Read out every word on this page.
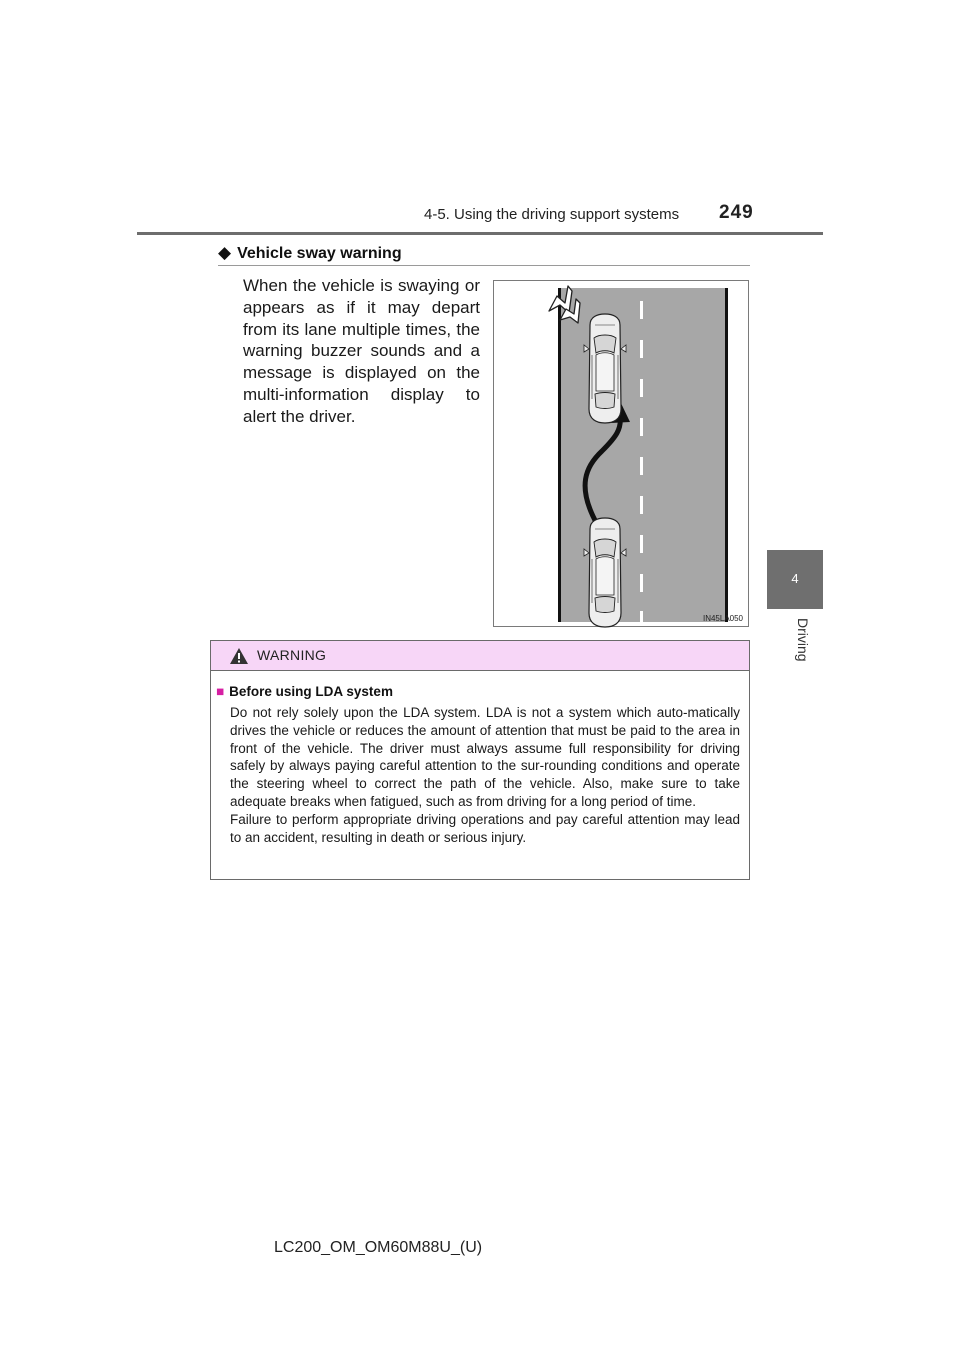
4-5. Using the driving support systems 249
4
Driving
◆ Vehicle sway warning
When the vehicle is swaying or appears as if it may depart from its lane multiple times, the warning buzzer sounds and a message is displayed on the multi-information display to alert the driver.
IN45LA050
WARNING
■ Before using LDA system

Do not rely solely upon the LDA system. LDA is not a system which auto-matically drives the vehicle or reduces the amount of attention that must be paid to the area in front of the vehicle. The driver must always assume full responsibility for driving safely by always paying careful attention to the sur-rounding conditions and operate the steering wheel to correct the path of the vehicle. Also, make sure to take adequate breaks when fatigued, such as from driving for a long period of time.

Failure to perform appropriate driving operations and pay careful attention may lead to an accident, resulting in death or serious injury.

LC200_OM_OM60M88U_(U)
